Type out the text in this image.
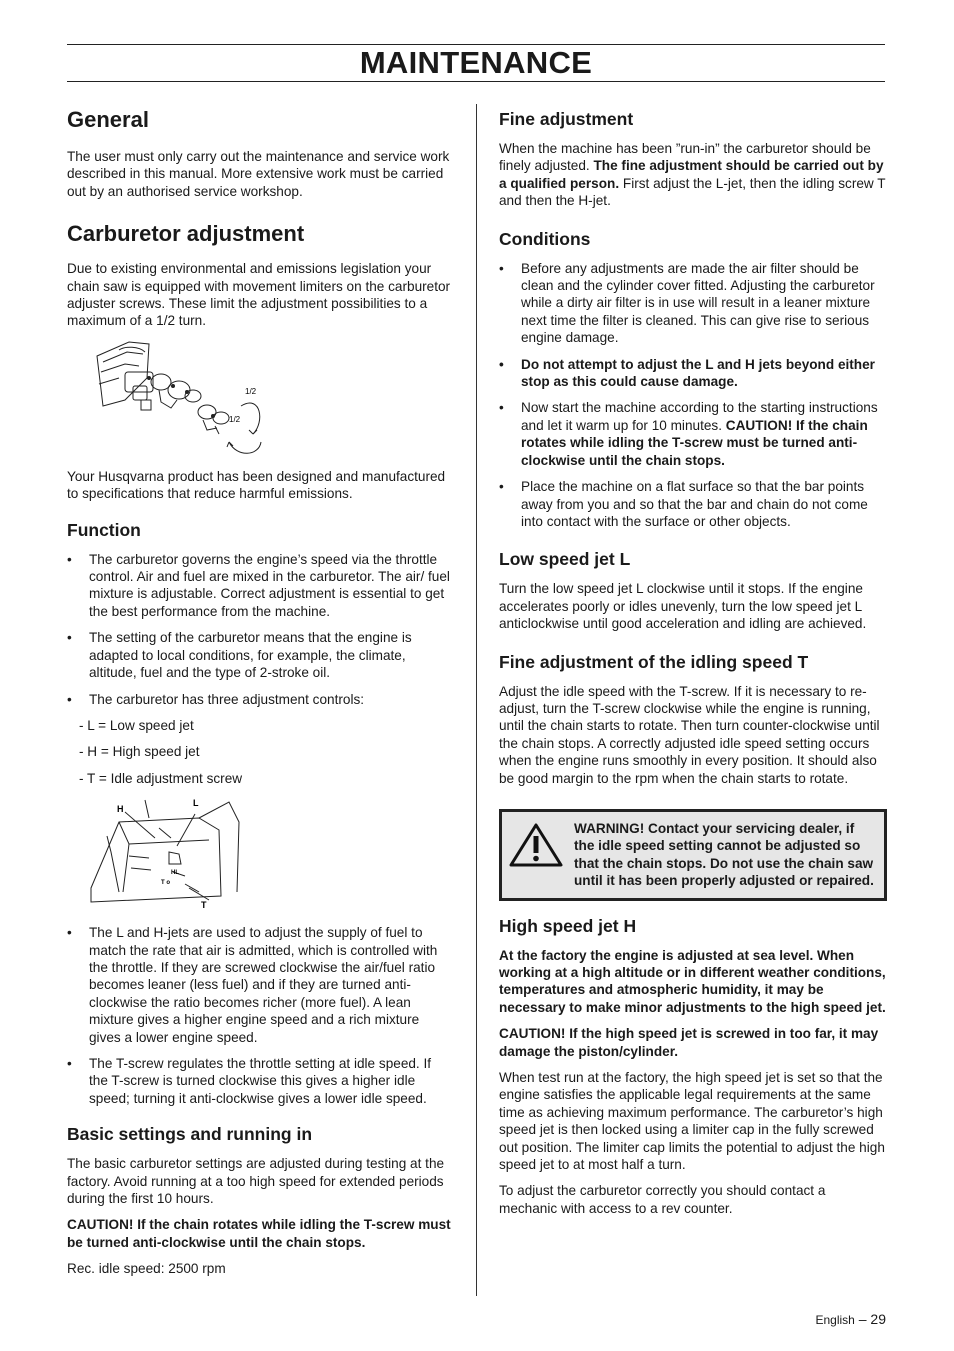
MAINTENANCE
General

The user must only carry out the maintenance and service work described in this manual. More extensive work must be carried out by an authorised service workshop.

Carburetor adjustment

Due to existing environmental and emissions legislation your chain saw is equipped with movement limiters on the carburetor adjuster screws. These limit the adjustment possibilities to a maximum of a 1/2 turn.

1/2
1/2

Your Husqvarna product has been designed and manufactured to specifications that reduce harmful emissions.

Function
• The carburetor governs the engine’s speed via the throttle control. Air and fuel are mixed in the carburetor. The air/ fuel mixture is adjustable. Correct adjustment is essential to get the best performance from the machine.
• The setting of the carburetor means that the engine is adapted to local conditions, for example, the climate, altitude, fuel and the type of 2-stroke oil.
• The carburetor has three adjustment controls:
- L = Low speed jet
- H = High speed jet
- T = Idle adjustment screw
H
L
HL
T o
T
• The L and H-jets are used to adjust the supply of fuel to match the rate that air is admitted, which is controlled with the throttle. If they are screwed clockwise the air/fuel ratio becomes leaner (less fuel) and if they are turned anti-clockwise the ratio becomes richer (more fuel). A lean mixture gives a higher engine speed and a rich mixture gives a lower engine speed.
• The T-screw regulates the throttle setting at idle speed. If the T-screw is turned clockwise this gives a higher idle speed; turning it anti-clockwise gives a lower idle speed.
Basic settings and running in

The basic carburetor settings are adjusted during testing at the factory. Avoid running at a too high speed for extended periods during the first 10 hours.

CAUTION! If the chain rotates while idling the T-screw must be turned anti-clockwise until the chain stops.

Rec. idle speed: 2500 rpm

Fine adjustment

When the machine has been ”run-in” the carburetor should be finely adjusted. The fine adjustment should be carried out by a qualified person. First adjust the L-jet, then the idling screw T and then the H-jet.

Conditions
• Before any adjustments are made the air filter should be clean and the cylinder cover fitted. Adjusting the carburetor while a dirty air filter is in use will result in a leaner mixture next time the filter is cleaned. This can give rise to serious engine damage.
• Do not attempt to adjust the L and H jets beyond either stop as this could cause damage.
• Now start the machine according to the starting instructions and let it warm up for 10 minutes. CAUTION! If the chain rotates while idling the T-screw must be turned anti-clockwise until the chain stops.
• Place the machine on a flat surface so that the bar points away from you and so that the bar and chain do not come into contact with the surface or other objects.
Low speed jet L

Turn the low speed jet L clockwise until it stops. If the engine accelerates poorly or idles unevenly, turn the low speed jet L anticlockwise until good acceleration and idling are achieved.

Fine adjustment of the idling speed T

Adjust the idle speed with the T-screw. If it is necessary to re-adjust, turn the T-screw clockwise while the engine is running, until the chain starts to rotate. Then turn counter-clockwise until the chain stops. A correctly adjusted idle speed setting occurs when the engine runs smoothly in every position. It should also be good margin to the rpm when the chain starts to rotate.

WARNING! Contact your servicing dealer, if the idle speed setting cannot be adjusted so that the chain stops. Do not use the chain saw until it has been properly adjusted or repaired.
High speed jet H

At the factory the engine is adjusted at sea level. When working at a high altitude or in different weather conditions, temperatures and atmospheric humidity, it may be necessary to make minor adjustments to the high speed jet.

CAUTION! If the high speed jet is screwed in too far, it may damage the piston/cylinder.

When test run at the factory, the high speed jet is set so that the engine satisfies the applicable legal requirements at the same time as achieving maximum performance. The carburetor’s high speed jet is then locked using a limiter cap in the fully screwed out position. The limiter cap limits the potential to adjust the high speed jet to at most half a turn.

To adjust the carburetor correctly you should contact a mechanic with access to a rev counter.

English – 29
